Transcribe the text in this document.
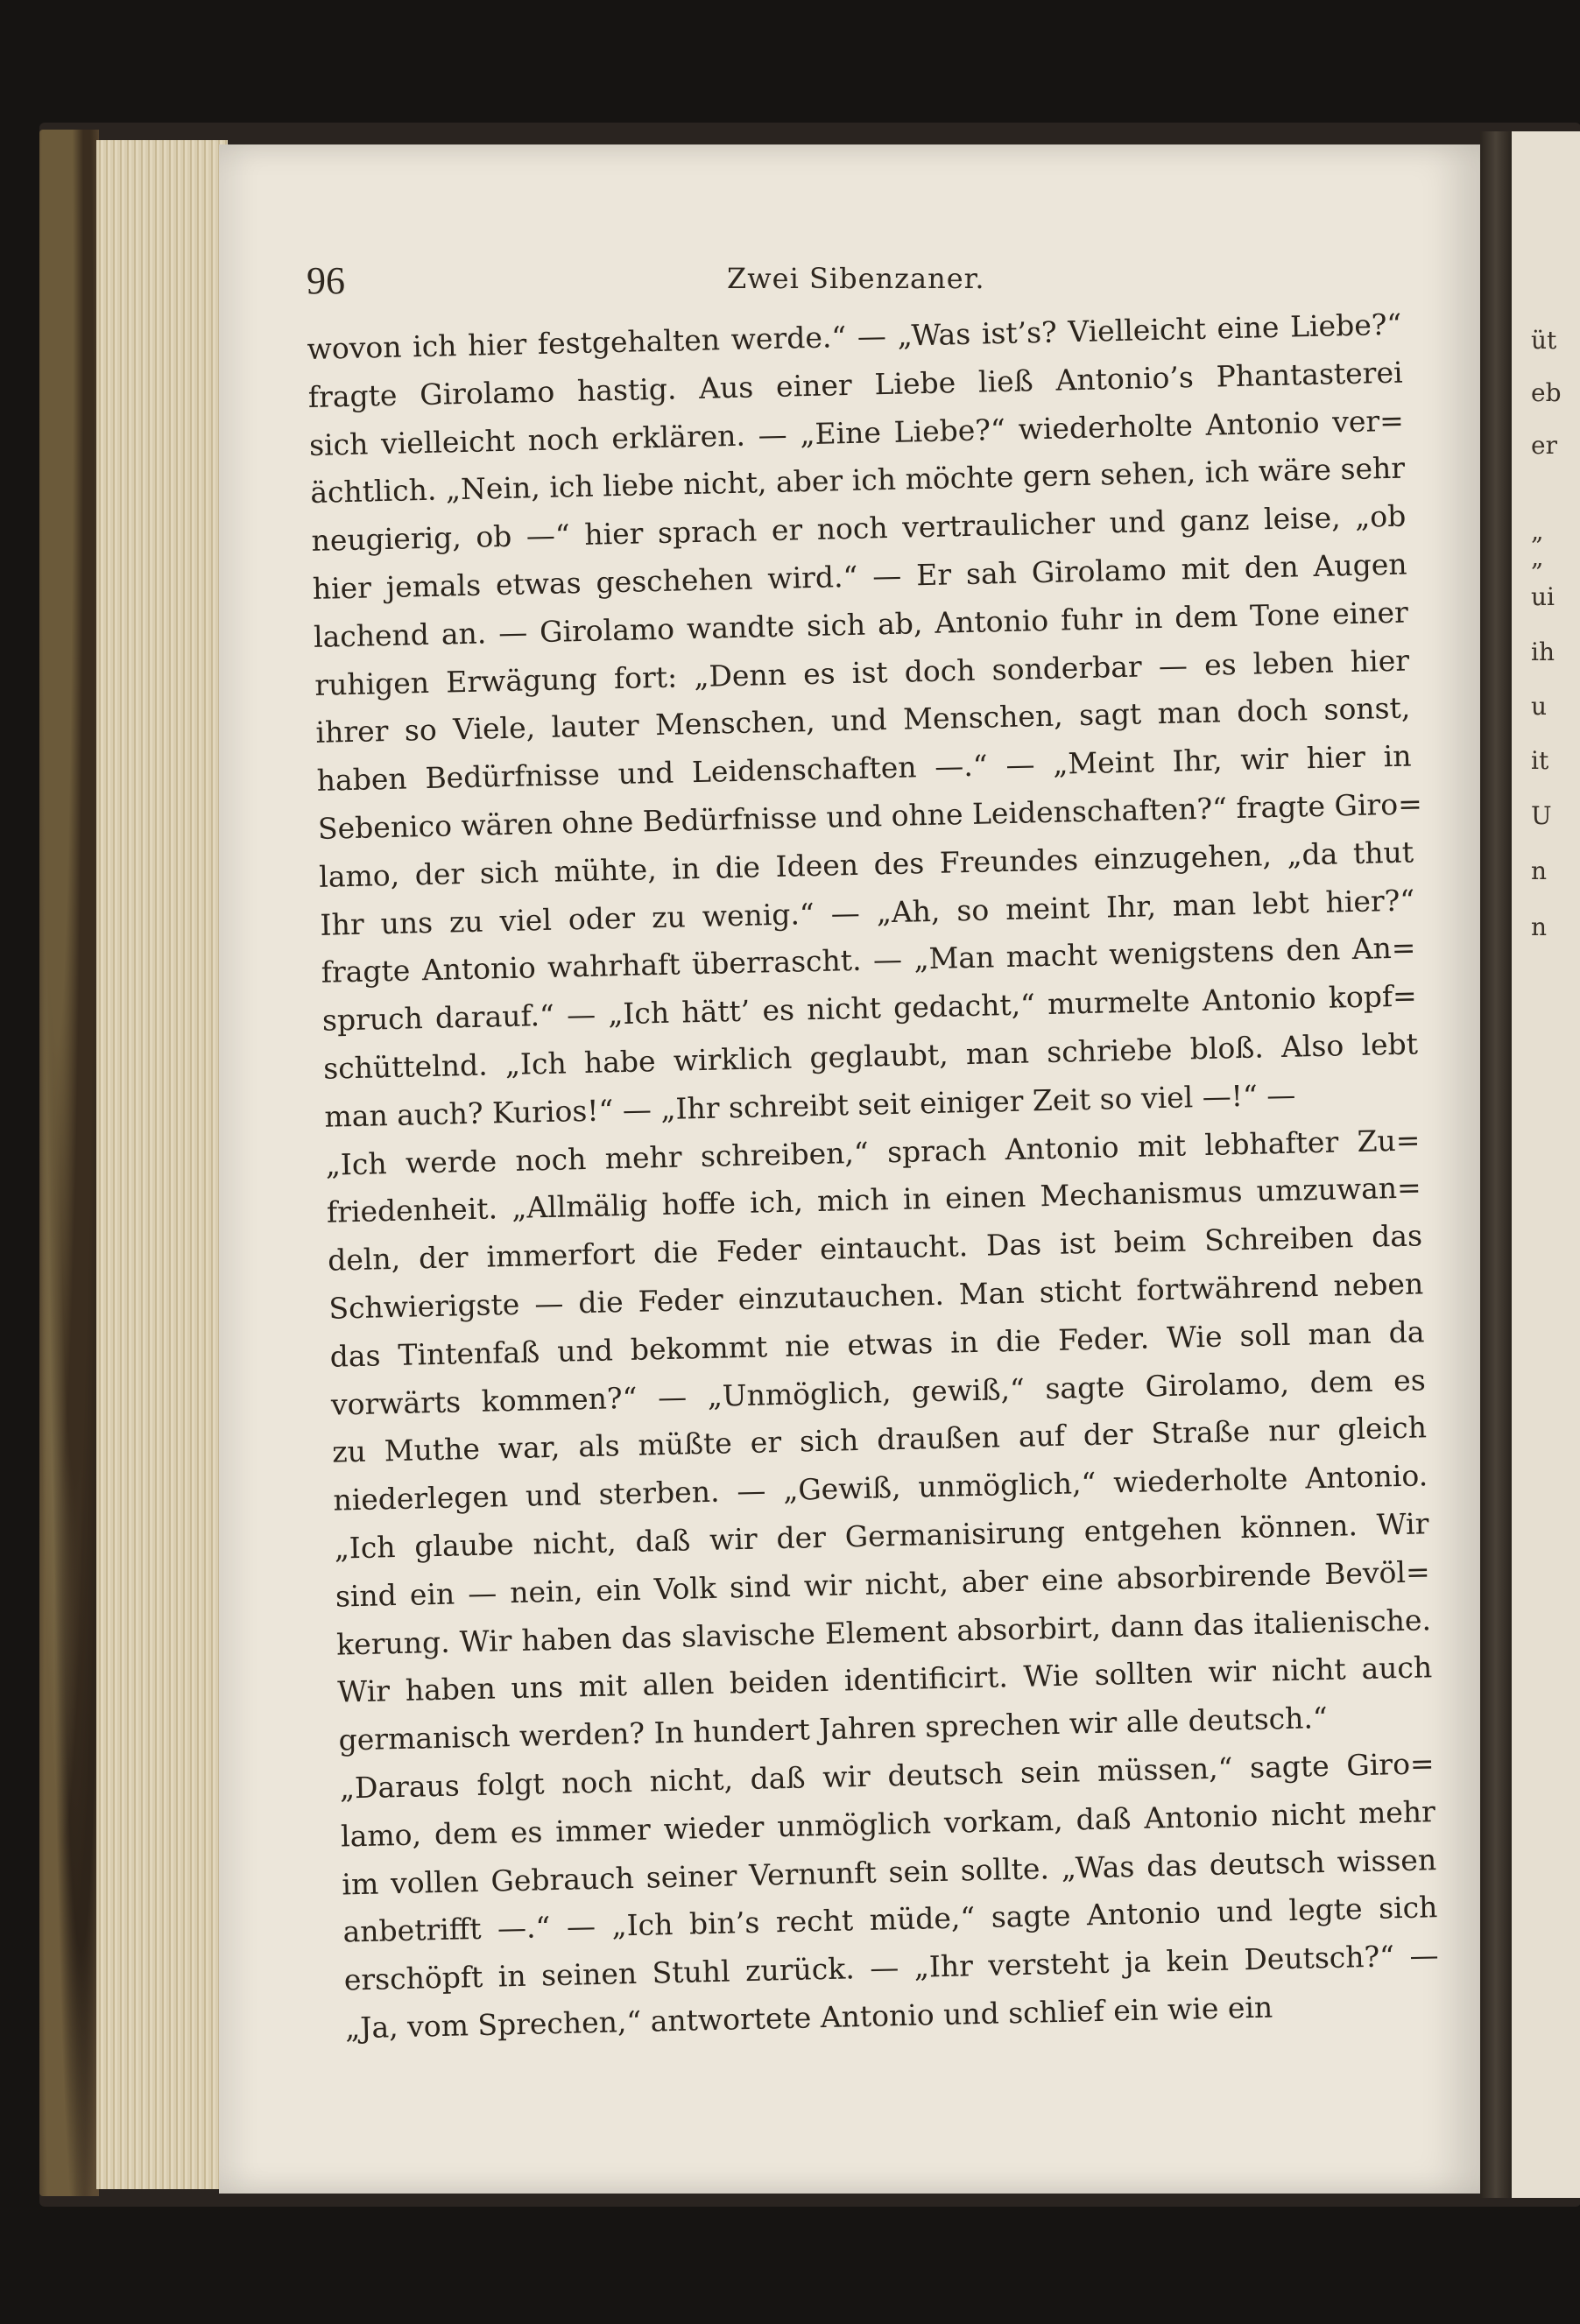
96	Zwei Sibenzaner.
wovon ich hier festgehalten werde.“ — „Was ist’s? Vielleicht eine Liebe?“
fragte Girolamo hastig. Aus einer Liebe ließ Antonio’s Phantasterei
sich vielleicht noch erklären. — „Eine Liebe?“ wiederholte Antonio ver=
ächtlich. „Nein, ich liebe nicht, aber ich möchte gern sehen, ich wäre sehr
neugierig, ob —“ hier sprach er noch vertraulicher und ganz leise, „ob
hier jemals etwas geschehen wird.“ — Er sah Girolamo mit den Augen
lachend an. — Girolamo wandte sich ab, Antonio fuhr in dem Tone einer
ruhigen Erwägung fort: „Denn es ist doch sonderbar — es leben hier
ihrer so Viele, lauter Menschen, und Menschen, sagt man doch sonst,
haben Bedürfnisse und Leidenschaften —.“ — „Meint Ihr, wir hier in
Sebenico wären ohne Bedürfnisse und ohne Leidenschaften?“ fragte Giro=
lamo, der sich mühte, in die Ideen des Freundes einzugehen, „da thut
Ihr uns zu viel oder zu wenig.“ — „Ah, so meint Ihr, man lebt hier?“
fragte Antonio wahrhaft überrascht. — „Man macht wenigstens den An=
spruch darauf.“ — „Ich hätt’ es nicht gedacht,“ murmelte Antonio kopf=
schüttelnd. „Ich habe wirklich geglaubt, man schriebe bloß. Also lebt
man auch? Kurios!“ — „Ihr schreibt seit einiger Zeit so viel —!“ —
„Ich werde noch mehr schreiben,“ sprach Antonio mit lebhafter Zu=
friedenheit. „Allmälig hoffe ich, mich in einen Mechanismus umzuwan=
deln, der immerfort die Feder eintaucht. Das ist beim Schreiben das
Schwierigste — die Feder einzutauchen. Man sticht fortwährend neben
das Tintenfaß und bekommt nie etwas in die Feder. Wie soll man da
vorwärts kommen?“ — „Unmöglich, gewiß,“ sagte Girolamo, dem es
zu Muthe war, als müßte er sich draußen auf der Straße nur gleich
niederlegen und sterben. — „Gewiß, unmöglich,“ wiederholte Antonio.
„Ich glaube nicht, daß wir der Germanisirung entgehen können. Wir
sind ein — nein, ein Volk sind wir nicht, aber eine absorbirende Bevöl=
kerung. Wir haben das slavische Element absorbirt, dann das italienische.
Wir haben uns mit allen beiden identificirt. Wie sollten wir nicht auch
germanisch werden? In hundert Jahren sprechen wir alle deutsch.“
„Daraus folgt noch nicht, daß wir deutsch sein müssen,“ sagte Giro=
lamo, dem es immer wieder unmöglich vorkam, daß Antonio nicht mehr
im vollen Gebrauch seiner Vernunft sein sollte. „Was das deutsch wissen
anbetrifft —.“ — „Ich bin’s recht müde,“ sagte Antonio und legte sich
erschöpft in seinen Stuhl zurück. — „Ihr versteht ja kein Deutsch?“ —
„Ja, vom Sprechen,“ antwortete Antonio und schlief ein wie ein
üt
eb
er
„
„
ui
ih
u
it
U
n
n
